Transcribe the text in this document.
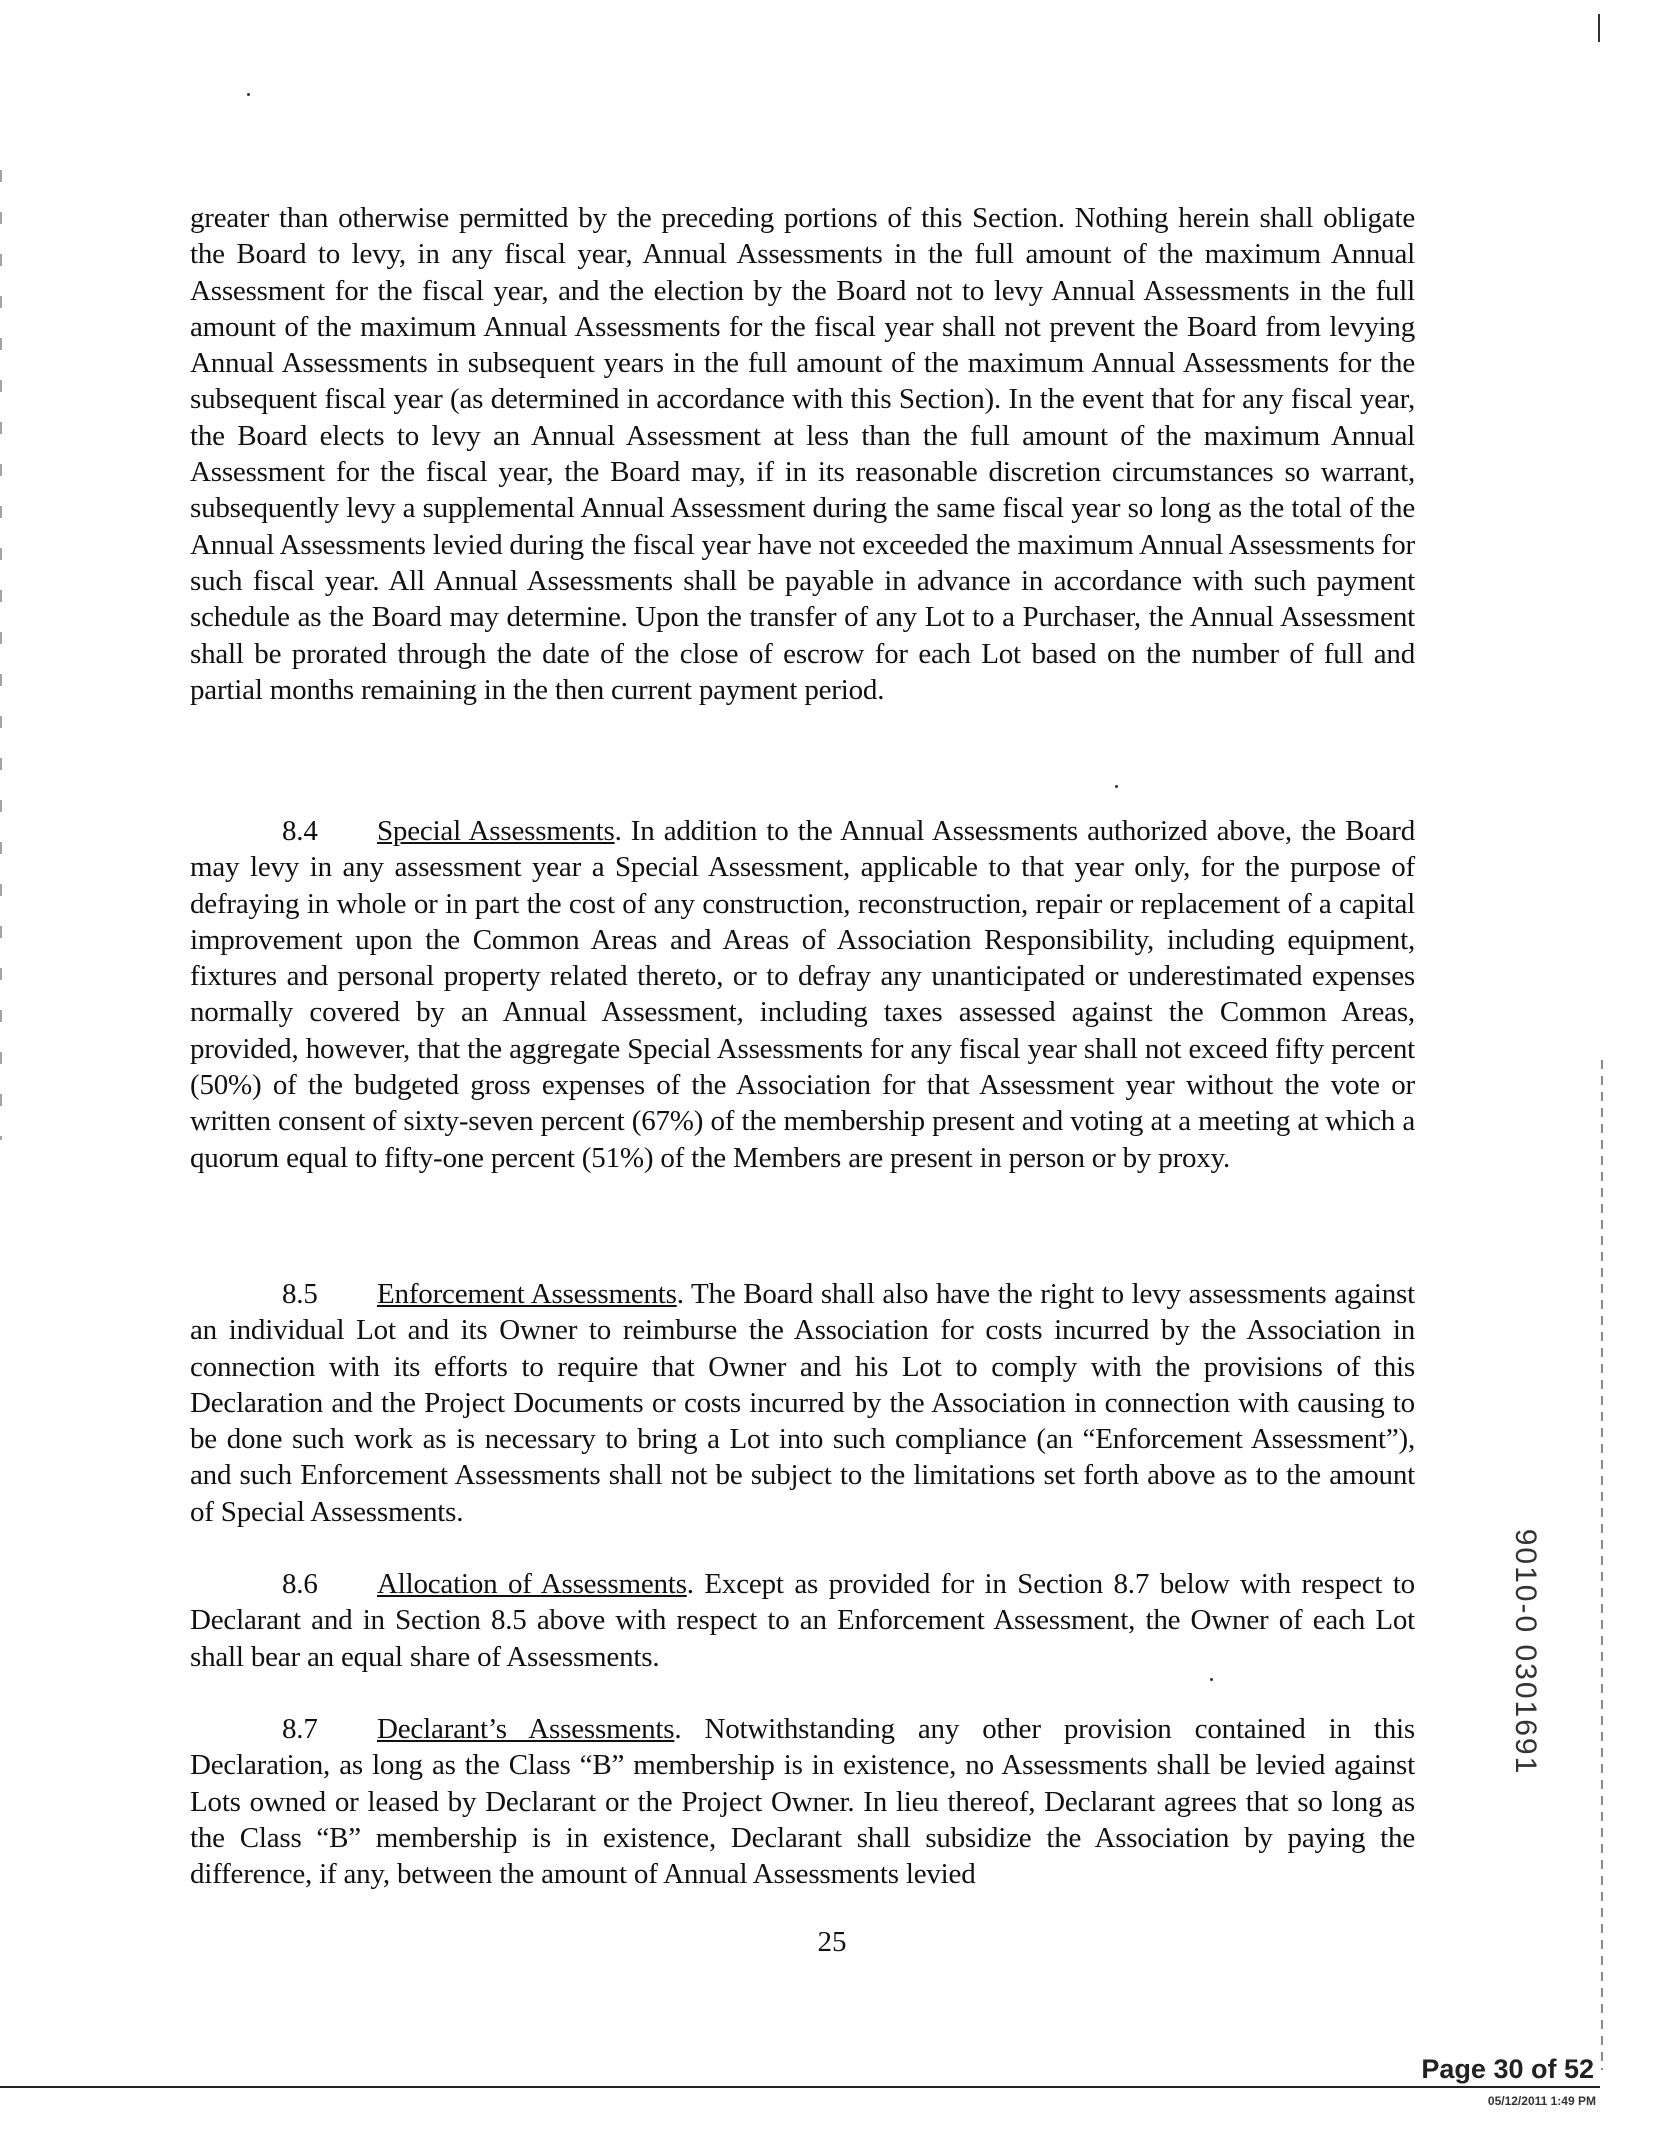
greater than otherwise permitted by the preceding portions of this Section. Nothing herein shall obligate the Board to levy, in any fiscal year, Annual Assessments in the full amount of the maximum Annual Assessment for the fiscal year, and the election by the Board not to levy Annual Assessments in the full amount of the maximum Annual Assessments for the fiscal year shall not prevent the Board from levying Annual Assessments in subsequent years in the full amount of the maximum Annual Assessments for the subsequent fiscal year (as determined in accordance with this Section). In the event that for any fiscal year, the Board elects to levy an Annual Assessment at less than the full amount of the maximum Annual Assessment for the fiscal year, the Board may, if in its reasonable discretion circumstances so warrant, subsequently levy a supplemental Annual Assessment during the same fiscal year so long as the total of the Annual Assessments levied during the fiscal year have not exceeded the maximum Annual Assessments for such fiscal year. All Annual Assessments shall be payable in advance in accordance with such payment schedule as the Board may determine. Upon the transfer of any Lot to a Purchaser, the Annual Assessment shall be prorated through the date of the close of escrow for each Lot based on the number of full and partial months remaining in the then current payment period.

8.4 Special Assessments. In addition to the Annual Assessments authorized above, the Board may levy in any assessment year a Special Assessment, applicable to that year only, for the purpose of defraying in whole or in part the cost of any construction, reconstruction, repair or replacement of a capital improvement upon the Common Areas and Areas of Association Responsibility, including equipment, fixtures and personal property related thereto, or to defray any unanticipated or underestimated expenses normally covered by an Annual Assessment, including taxes assessed against the Common Areas, provided, however, that the aggregate Special Assessments for any fiscal year shall not exceed fifty percent (50%) of the budgeted gross expenses of the Association for that Assessment year without the vote or written consent of sixty-seven percent (67%) of the membership present and voting at a meeting at which a quorum equal to fifty-one percent (51%) of the Members are present in person or by proxy.

8.5 Enforcement Assessments. The Board shall also have the right to levy assessments against an individual Lot and its Owner to reimburse the Association for costs incurred by the Association in connection with its efforts to require that Owner and his Lot to comply with the provisions of this Declaration and the Project Documents or costs incurred by the Association in connection with causing to be done such work as is necessary to bring a Lot into such compliance (an “Enforcement Assessment”), and such Enforcement Assessments shall not be subject to the limitations set forth above as to the amount of Special Assessments.

8.6 Allocation of Assessments. Except as provided for in Section 8.7 below with respect to Declarant and in Section 8.5 above with respect to an Enforcement Assessment, the Owner of each Lot shall bear an equal share of Assessments.

8.7 Declarant’s Assessments. Notwithstanding any other provision contained in this Declaration, as long as the Class “B” membership is in existence, no Assessments shall be levied against Lots owned or leased by Declarant or the Project Owner. In lieu thereof, Declarant agrees that so long as the Class “B” membership is in existence, Declarant shall subsidize the Association by paying the difference, if any, between the amount of Annual Assessments levied

25
9010-0 0301691
Page 30 of 52
05/12/2011 1:49 PM
